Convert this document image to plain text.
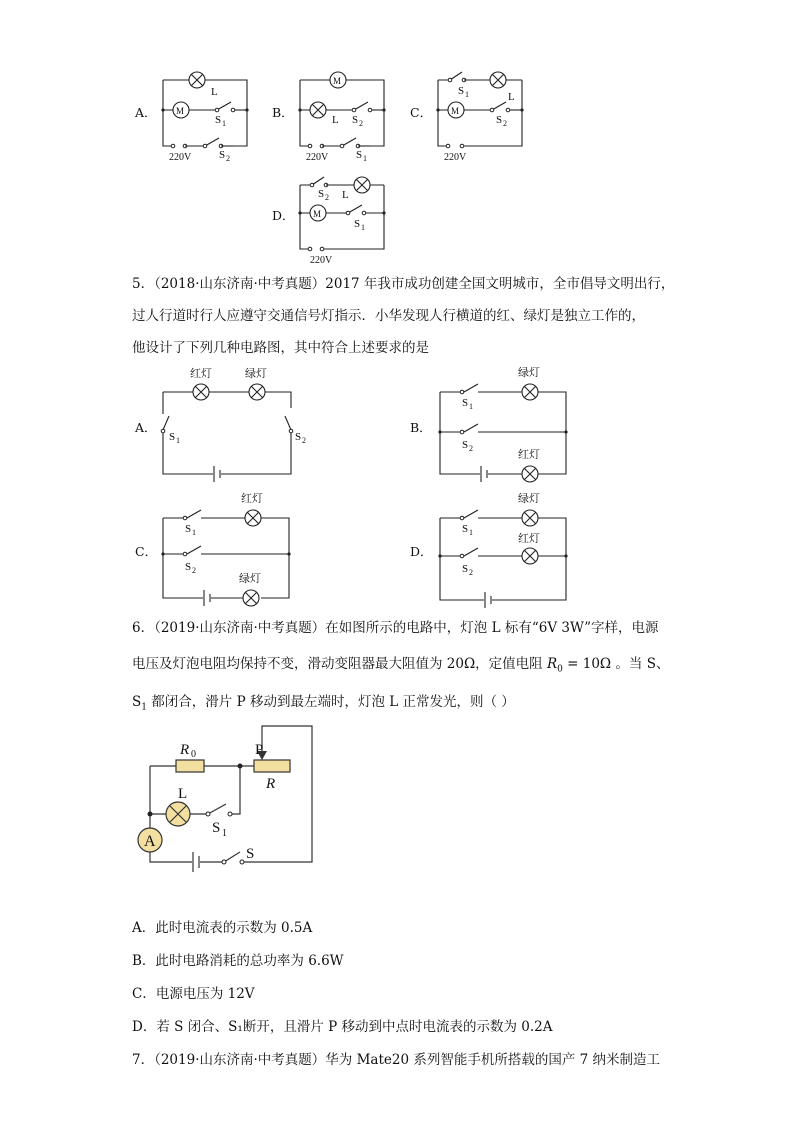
A．
L
M
S 1
220V	S 2
B．
M
L S 2
220V	S 1
C．
S 1	L
M
S 2
220V
D．
S 2 L
M
S 1
220V
5．（2018·山东济南·中考真题）2017 年我市成功创建全国文明城市，全市倡导文明出行，
过人行道时行人应遵守交通信号灯指示．小华发现人行横道的红、绿灯是独立工作的，
他设计了下列几种电路图，其中符合上述要求的是
A．
红灯	绿灯
S 1	S 2
B．
绿灯
S 1
S 2
红灯
C．
红灯
S 1
S 2
绿灯
D．
绿灯
S 1
红灯
S 2
6．（2019·山东济南·中考真题）在如图所示的电路中，灯泡 L 标有“6V 3W”字样，电源
电压及灯泡电阻均保持不变，滑动变阻器最大阻值为 20Ω，定值电阻 $R_0 = 10\Omega$ 。当 S、
$S_1$ 都闭合，滑片 P 移动到最左端时，灯泡 L 正常发光，则（ ）
A
R 0	P
R
L
S 1
S
A．此时电流表的示数为 0.5A
B．此时电路消耗的总功率为 6.6W
C．电源电压为 12V
D．若 S 闭合、S₁断开，且滑片 P 移动到中点时电流表的示数为 0.2A
7．（2019·山东济南·中考真题）华为 Mate20 系列智能手机所搭载的国产 7 纳米制造工
